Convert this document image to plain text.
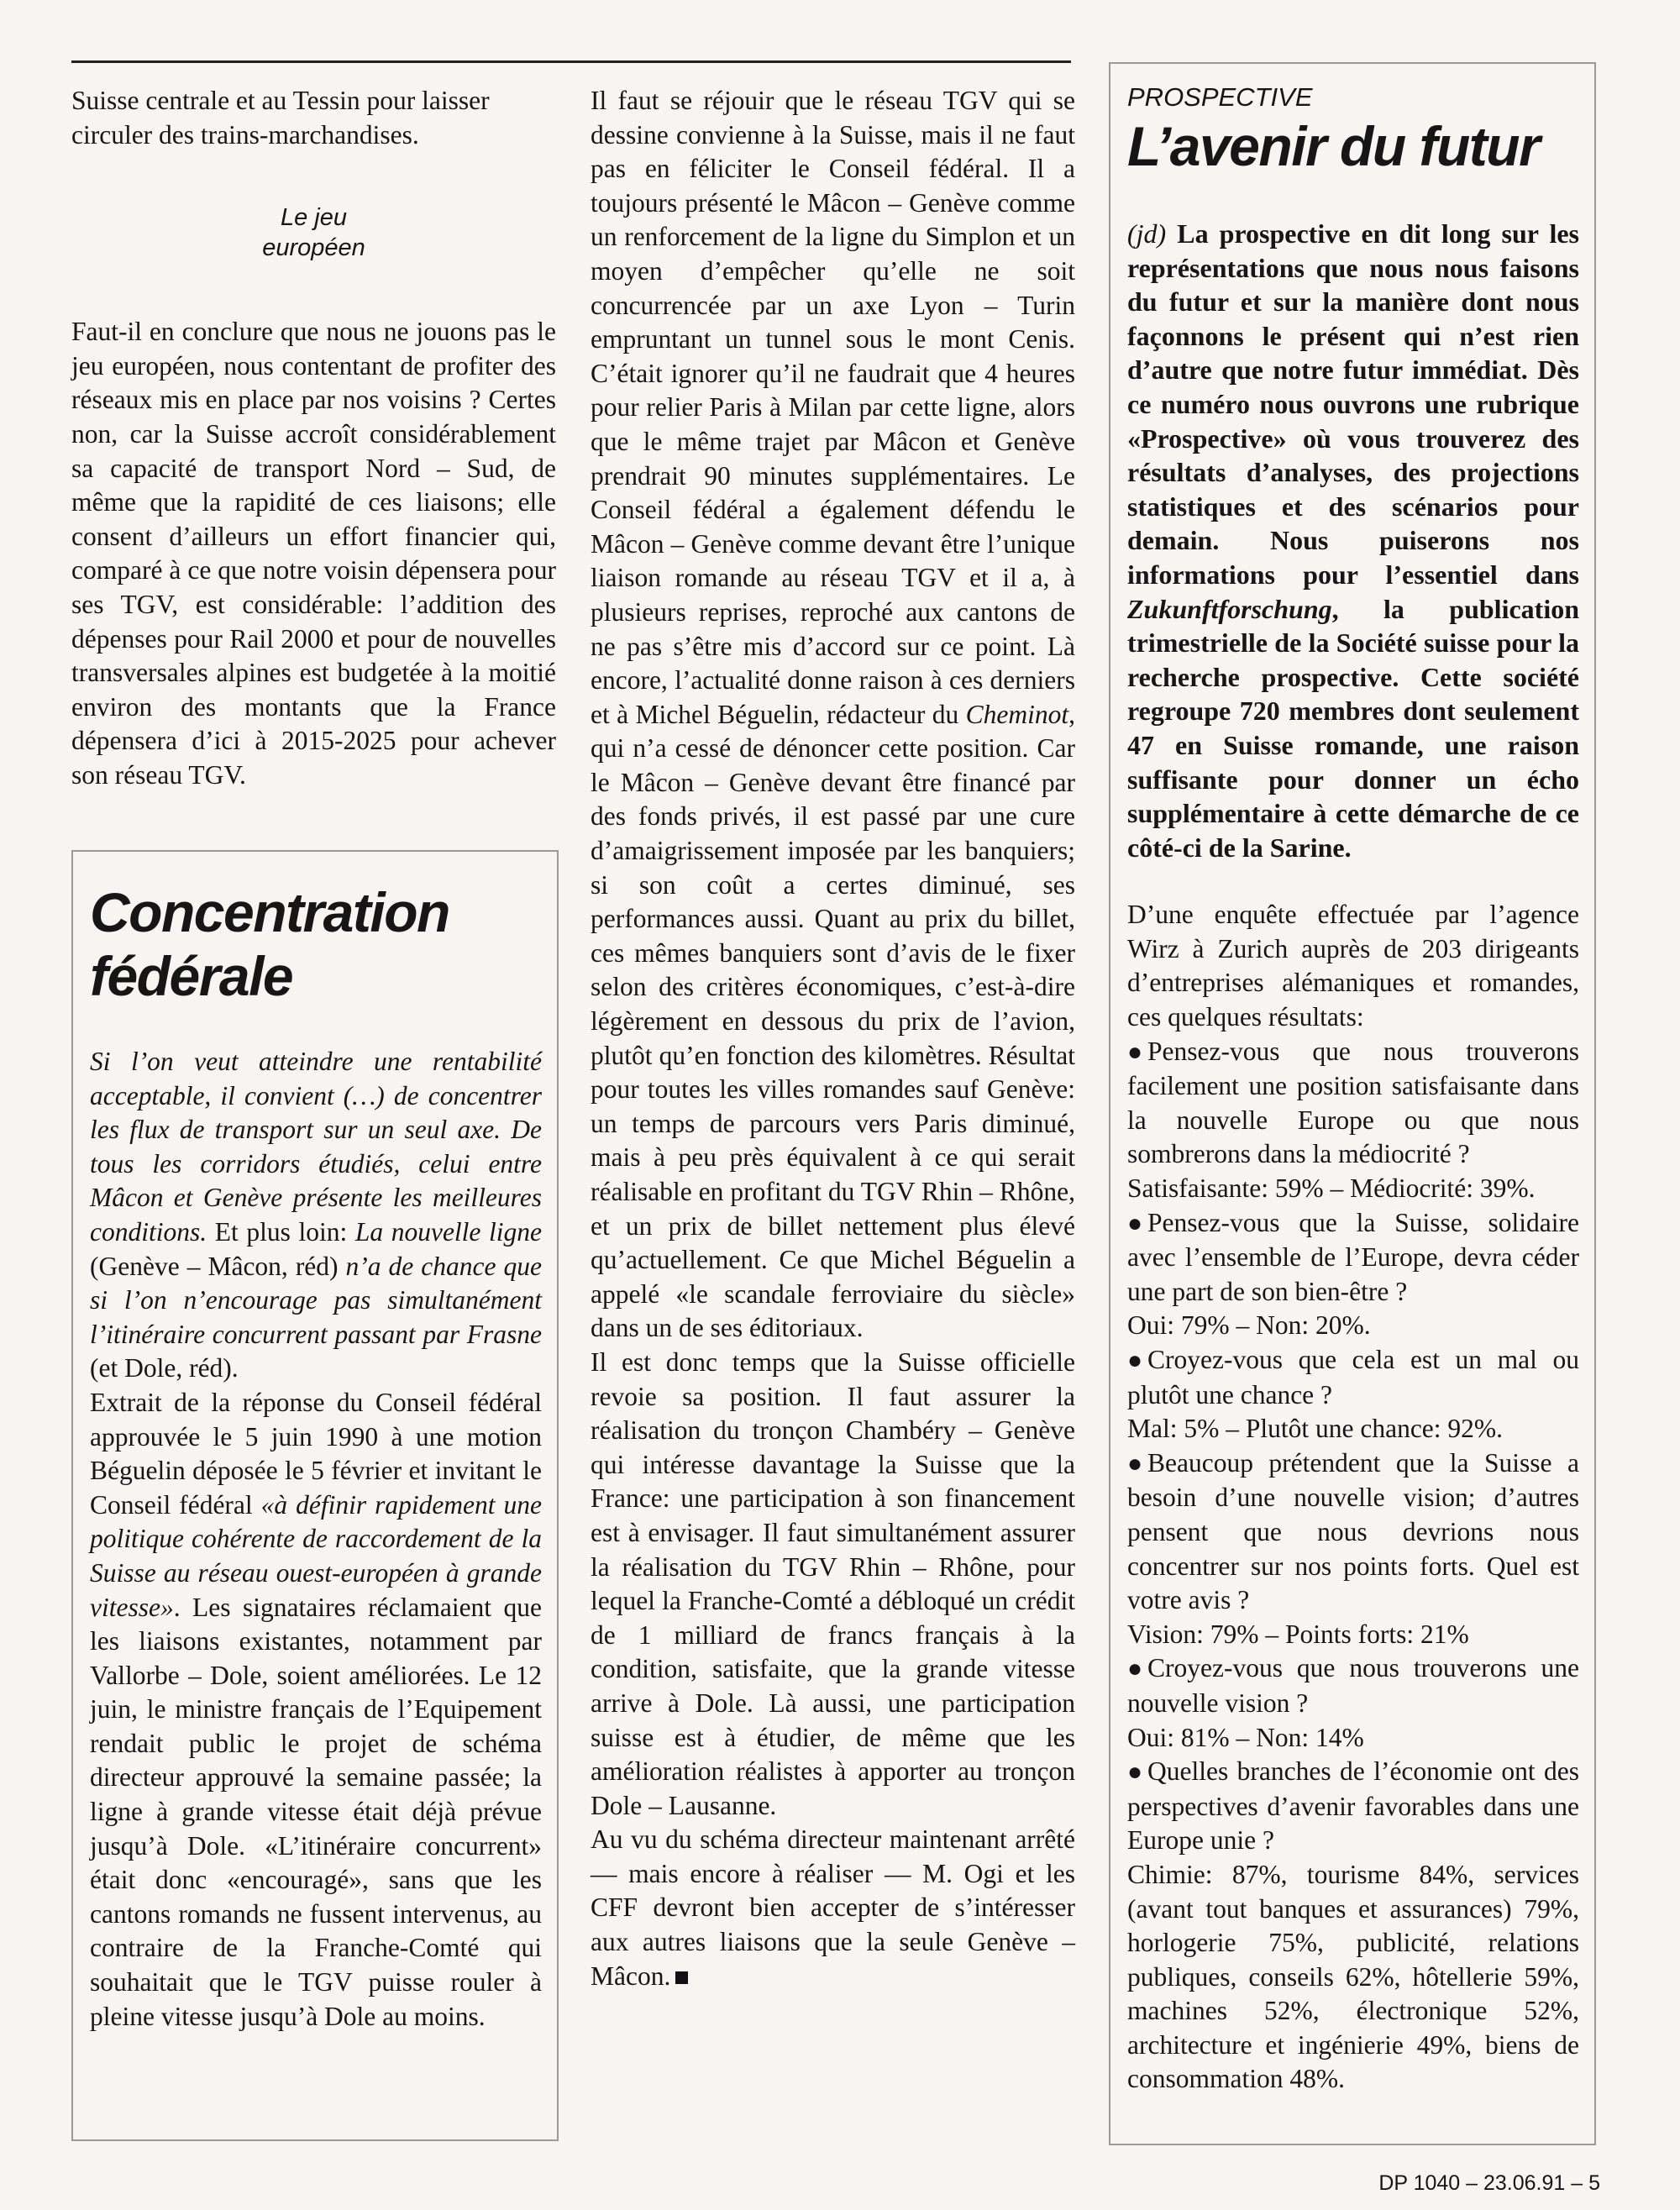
Suisse centrale et au Tessin pour laisser circuler des trains-marchandises.

Le jeu
européen

Faut-il en conclure que nous ne jouons pas le jeu européen, nous contentant de profiter des réseaux mis en place par nos voisins ? Certes non, car la Suisse accroît considérablement sa capacité de transport Nord – Sud, de même que la rapidité de ces liaisons; elle consent d’ailleurs un effort financier qui, comparé à ce que notre voisin dépensera pour ses TGV, est considérable: l’addition des dépenses pour Rail 2000 et pour de nouvelles transversales alpines est budgetée à la moitié environ des montants que la France dépensera d’ici à 2015-2025 pour achever son réseau TGV.

Concentration
fédérale

Si l’on veut atteindre une rentabilité acceptable, il convient (…) de concentrer les flux de transport sur un seul axe. De tous les corridors étudiés, celui entre Mâcon et Genève présente les meilleures conditions. Et plus loin: La nouvelle ligne (Genève – Mâcon, réd) n’a de chance que si l’on n’encourage pas simultanément l’itinéraire concurrent passant par Frasne (et Dole, réd).

Extrait de la réponse du Conseil fédéral approuvée le 5 juin 1990 à une motion Béguelin déposée le 5 février et invitant le Conseil fédéral «à définir rapidement une politique cohérente de raccordement de la Suisse au réseau ouest-européen à grande vitesse». Les signataires réclamaient que les liaisons existantes, notamment par Vallorbe – Dole, soient améliorées. Le 12 juin, le ministre français de l’Equipement rendait public le projet de schéma directeur approuvé la semaine passée; la ligne à grande vitesse était déjà prévue jusqu’à Dole. «L’itinéraire concurrent» était donc «encouragé», sans que les cantons romands ne fussent intervenus, au contraire de la Franche-Comté qui souhaitait que le TGV puisse rouler à pleine vitesse jusqu’à Dole au moins.

Il faut se réjouir que le réseau TGV qui se dessine convienne à la Suisse, mais il ne faut pas en féliciter le Conseil fédéral. Il a toujours présenté le Mâcon – Genève comme un renforcement de la ligne du Simplon et un moyen d’empêcher qu’elle ne soit concurrencée par un axe Lyon – Turin empruntant un tunnel sous le mont Cenis. C’était ignorer qu’il ne faudrait que 4 heures pour relier Paris à Milan par cette ligne, alors que le même trajet par Mâcon et Genève prendrait 90 minutes supplémentaires. Le Conseil fédéral a également défendu le Mâcon – Genève comme devant être l’unique liaison romande au réseau TGV et il a, à plusieurs reprises, reproché aux cantons de ne pas s’être mis d’accord sur ce point. Là encore, l’actualité donne raison à ces derniers et à Michel Béguelin, rédacteur du Cheminot, qui n’a cessé de dénoncer cette position. Car le Mâcon – Genève devant être financé par des fonds privés, il est passé par une cure d’amaigrissement imposée par les banquiers; si son coût a certes diminué, ses performances aussi. Quant au prix du billet, ces mêmes banquiers sont d’avis de le fixer selon des critères économiques, c’est-à-dire légèrement en dessous du prix de l’avion, plutôt qu’en fonction des kilomètres. Résultat pour toutes les villes romandes sauf Genève: un temps de parcours vers Paris diminué, mais à peu près équivalent à ce qui serait réalisable en profitant du TGV Rhin – Rhône, et un prix de billet nettement plus élevé qu’actuellement. Ce que Michel Béguelin a appelé «le scandale ferroviaire du siècle» dans un de ses éditoriaux.

Il est donc temps que la Suisse officielle revoie sa position. Il faut assurer la réalisation du tronçon Chambéry – Genève qui intéresse davantage la Suisse que la France: une participation à son financement est à envisager. Il faut simultanément assurer la réalisation du TGV Rhin – Rhône, pour lequel la Franche-Comté a débloqué un crédit de 1 milliard de francs français à la condition, satisfaite, que la grande vitesse arrive à Dole. Là aussi, une participation suisse est à étudier, de même que les amélioration réalistes à apporter au tronçon Dole – Lausanne.

Au vu du schéma directeur maintenant arrêté — mais encore à réaliser — M. Ogi et les CFF devront bien accepter de s’intéresser aux autres liaisons que la seule Genève – Mâcon.

PROSPECTIVE

L’avenir du futur

(jd) La prospective en dit long sur les représentations que nous nous faisons du futur et sur la manière dont nous façonnons le présent qui n’est rien d’autre que notre futur immédiat. Dès ce numéro nous ouvrons une rubrique «Prospective» où vous trouverez des résultats d’analyses, des projections statistiques et des scénarios pour demain. Nous puiserons nos informations pour l’essentiel dans Zukunftforschung, la publication trimestrielle de la Société suisse pour la recherche prospective. Cette société regroupe 720 membres dont seulement 47 en Suisse romande, une raison suffisante pour donner un écho supplémentaire à cette démarche de ce côté-ci de la Sarine.

D’une enquête effectuée par l’agence Wirz à Zurich auprès de 203 dirigeants d’entreprises alémaniques et romandes, ces quelques résultats:

● Pensez-vous que nous trouverons facilement une position satisfaisante dans la nouvelle Europe ou que nous sombrerons dans la médiocrité ?

Satisfaisante: 59% – Médiocrité: 39%.

● Pensez-vous que la Suisse, solidaire avec l’ensemble de l’Europe, devra céder une part de son bien-être ?

Oui: 79% – Non: 20%.

● Croyez-vous que cela est un mal ou plutôt une chance ?

Mal: 5% – Plutôt une chance: 92%.

● Beaucoup prétendent que la Suisse a besoin d’une nouvelle vision; d’autres pensent que nous devrions nous concentrer sur nos points forts. Quel est votre avis ?

Vision: 79% – Points forts: 21%

● Croyez-vous que nous trouverons une nouvelle vision ?

Oui: 81% – Non: 14%

● Quelles branches de l’économie ont des perspectives d’avenir favorables dans une Europe unie ?

Chimie: 87%, tourisme 84%, services (avant tout banques et assurances) 79%, horlogerie 75%, publicité, relations publiques, conseils 62%, hôtellerie 59%, machines 52%, électronique 52%, architecture et ingénierie 49%, biens de consommation 48%.

DP 1040 – 23.06.91 – 5
